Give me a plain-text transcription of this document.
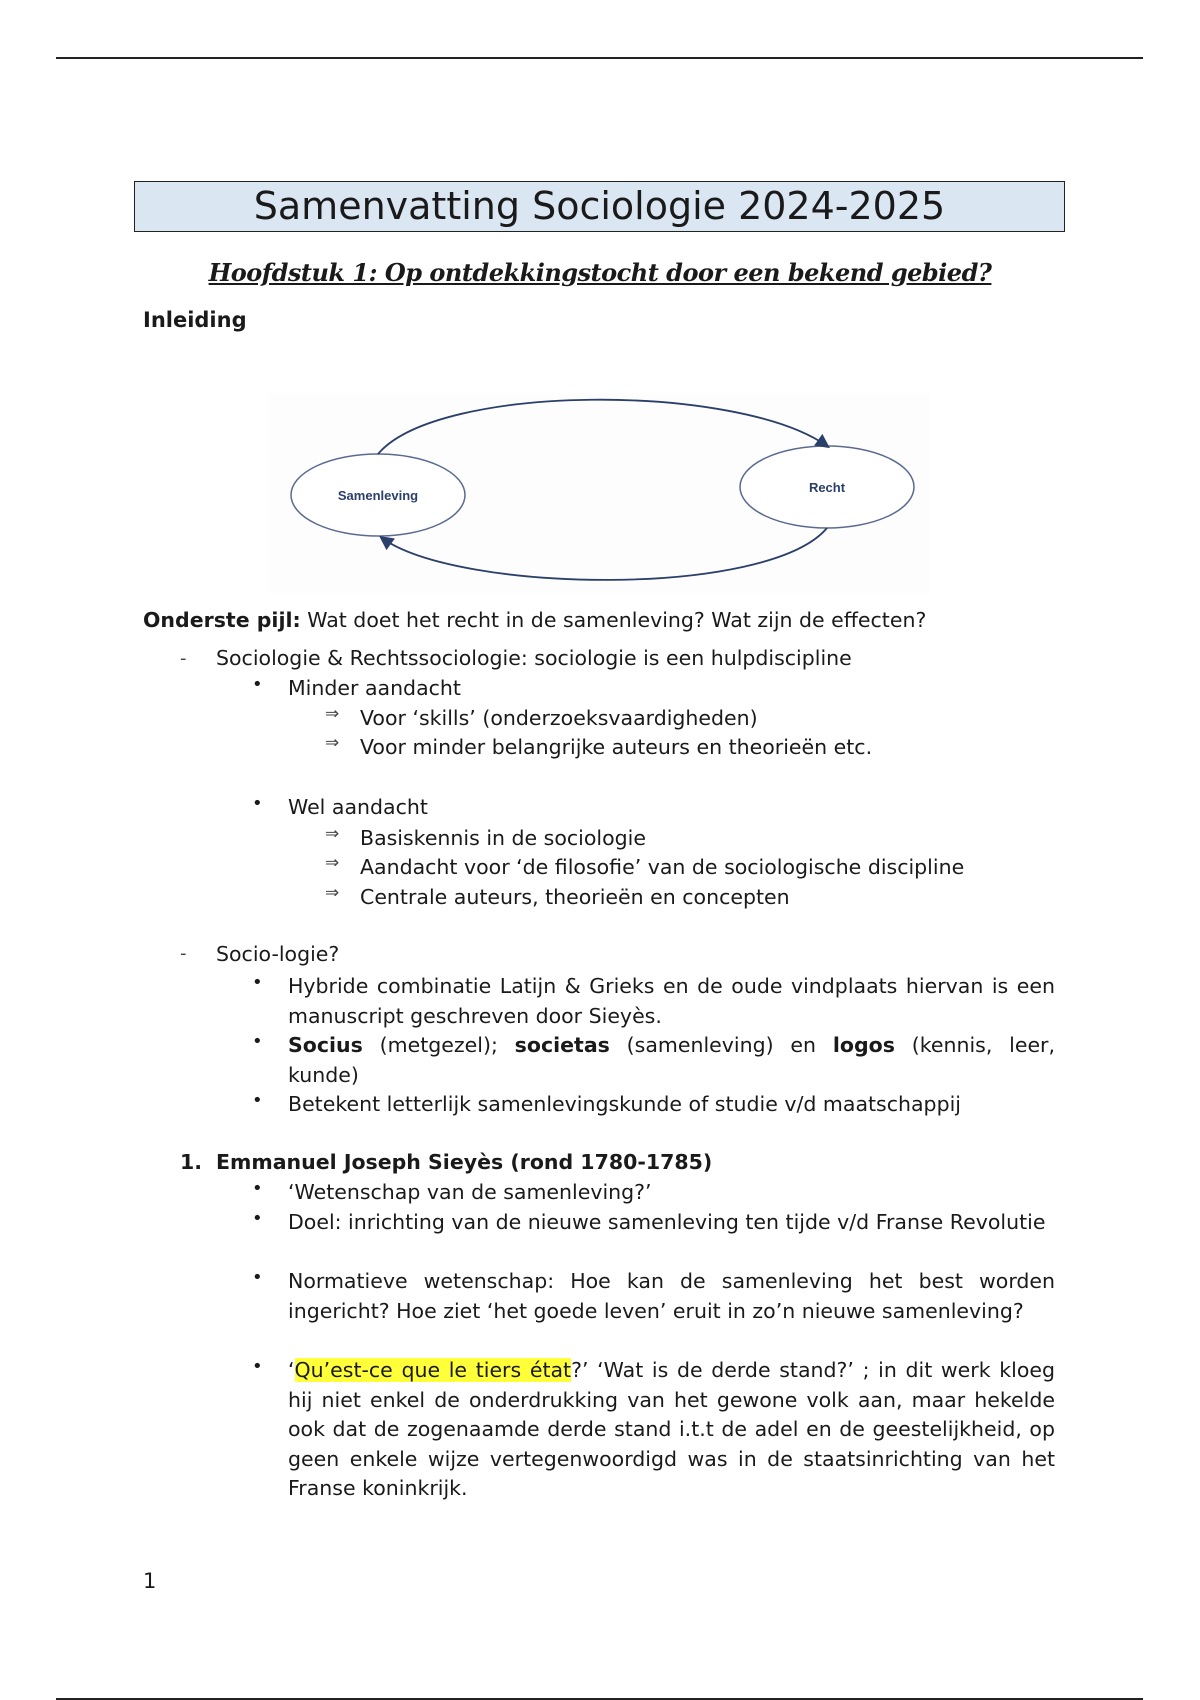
Samenvatting Sociologie 2024-2025
Hoofdstuk 1: Op ontdekkingstocht door een bekend gebied?
Inleiding
Samenleving
Recht
Onderste pijl: Wat doet het recht in de samenleving? Wat zijn de effecten?
- Sociologie & Rechtssociologie: sociologie is een hulpdiscipline
• Minder aandacht
⇒ Voor ‘skills’ (onderzoeksvaardigheden)
⇒ Voor minder belangrijke auteurs en theorieën etc.
• Wel aandacht
⇒ Basiskennis in de sociologie
⇒ Aandacht voor ‘de filosofie’ van de sociologische discipline
⇒ Centrale auteurs, theorieën en concepten
- Socio-logie?
• Hybride combinatie Latijn & Grieks en de oude vindplaats hiervan is een manuscript geschreven door Sieyès.
• Socius (metgezel); societas (samenleving) en logos (kennis, leer, kunde)
• Betekent letterlijk samenlevingskunde of studie v/d maatschappij
1. Emmanuel Joseph Sieyès (rond 1780-1785)
• ‘Wetenschap van de samenleving?’
• Doel: inrichting van de nieuwe samenleving ten tijde v/d Franse Revolutie
• Normatieve wetenschap: Hoe kan de samenleving het best worden ingericht? Hoe ziet ‘het goede leven’ eruit in zo’n nieuwe samenleving?
• ‘Qu’est-ce que le tiers état?’ ‘Wat is de derde stand?’ ; in dit werk kloeg hij niet enkel de onderdrukking van het gewone volk aan, maar hekelde ook dat de zogenaamde derde stand i.t.t de adel en de geestelijkheid, op geen enkele wijze vertegenwoordigd was in de staatsinrichting van het Franse koninkrijk.
1
